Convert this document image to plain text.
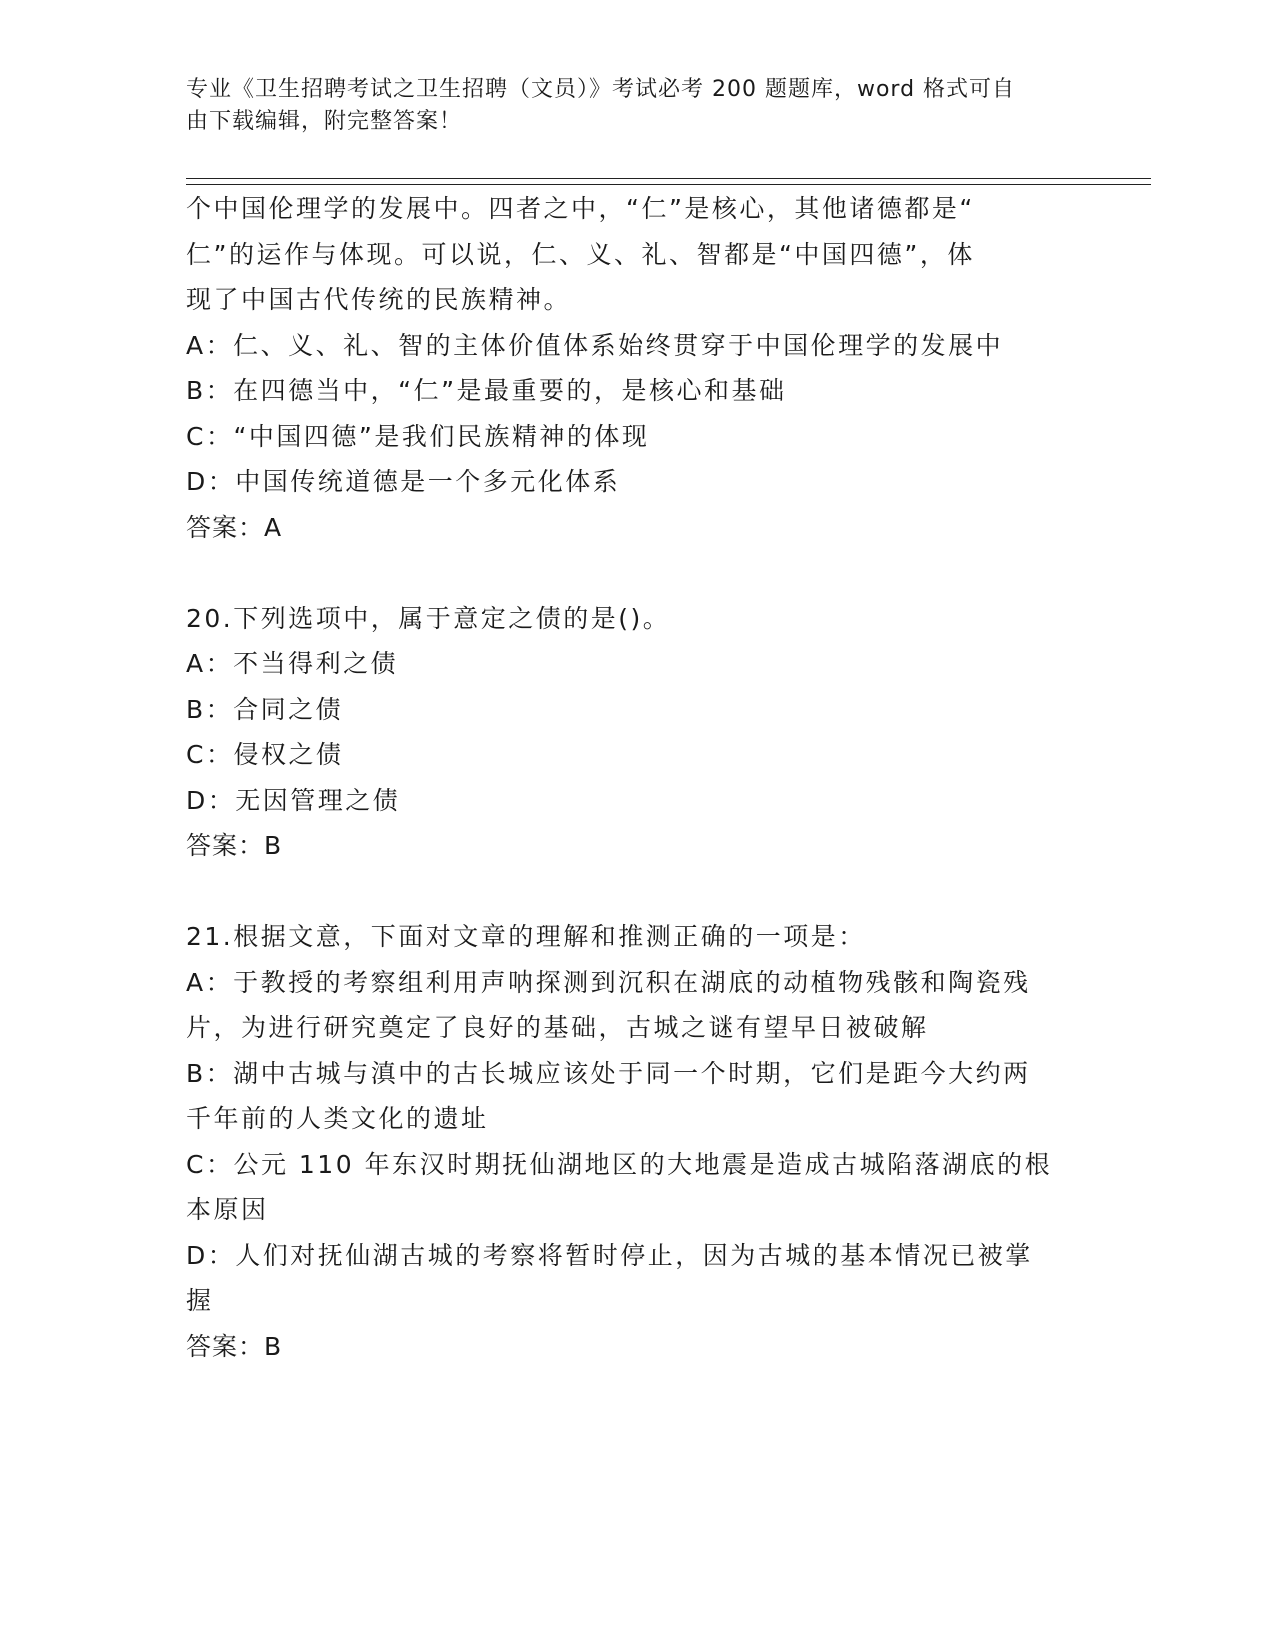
专业《卫生招聘考试之卫生招聘（文员）》考试必考 200 题题库，word 格式可自
由下载编辑，附完整答案！
个中国伦理学的发展中。四者之中，“仁”是核心，其他诸德都是“
仁”的运作与体现。可以说，仁、义、礼、智都是“中国四德”，体
现了中国古代传统的民族精神。
A：仁、义、礼、智的主体价值体系始终贯穿于中国伦理学的发展中
B：在四德当中，“仁”是最重要的，是核心和基础
C：“中国四德”是我们民族精神的体现
D：中国传统道德是一个多元化体系
答案：A
20.下列选项中，属于意定之债的是()。
A：不当得利之债
B：合同之债
C：侵权之债
D：无因管理之债
答案：B
21.根据文意，下面对文章的理解和推测正确的一项是：
A：于教授的考察组利用声呐探测到沉积在湖底的动植物残骸和陶瓷残
片，为进行研究奠定了良好的基础，古城之谜有望早日被破解
B：湖中古城与滇中的古长城应该处于同一个时期，它们是距今大约两
千年前的人类文化的遗址
C：公元 110 年东汉时期抚仙湖地区的大地震是造成古城陷落湖底的根
本原因
D：人们对抚仙湖古城的考察将暂时停止，因为古城的基本情况已被掌
握
答案：B
